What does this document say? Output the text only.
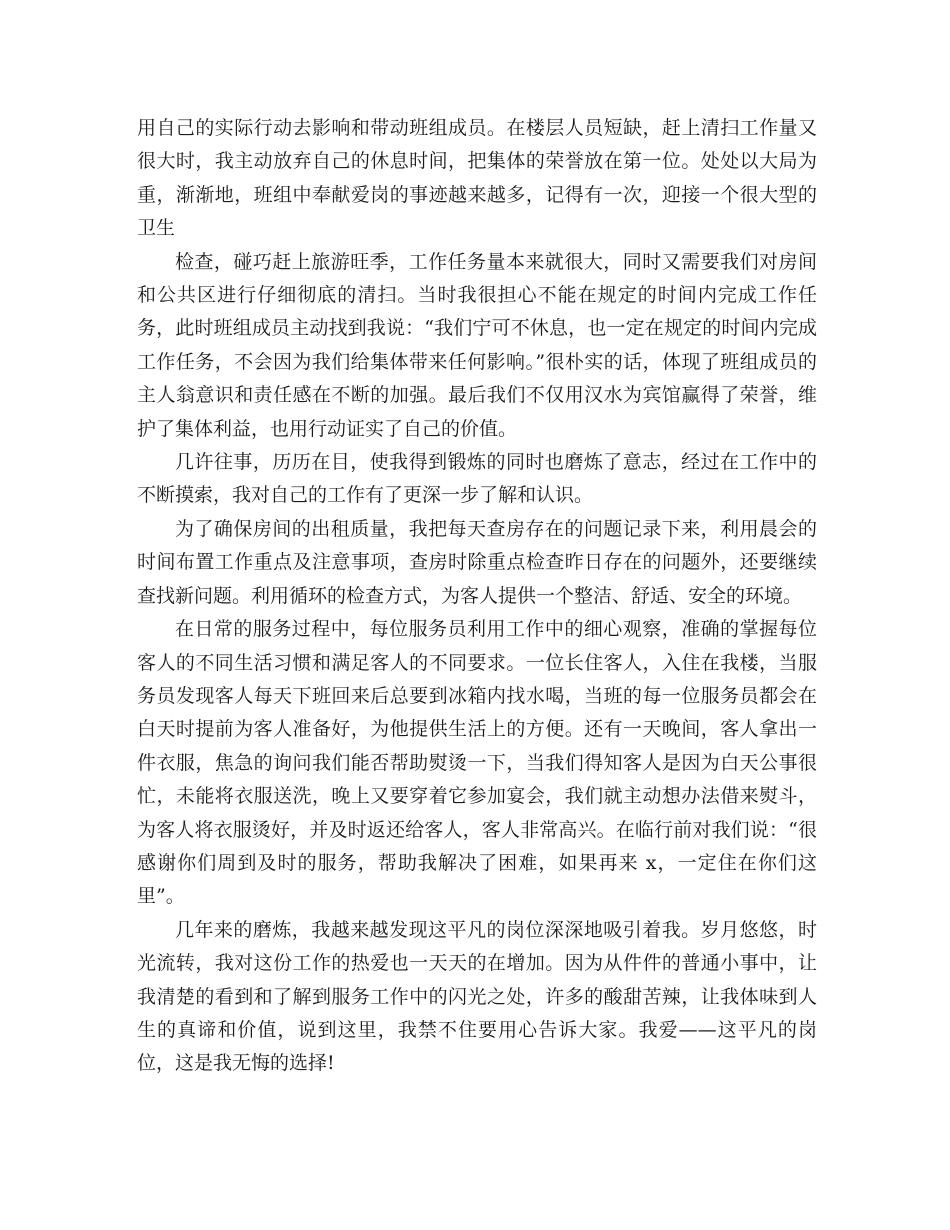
用自己的实际行动去影响和带动班组成员。在楼层人员短缺，赶上清扫工作量又很大时，我主动放弃自己的休息时间，把集体的荣誉放在第一位。处处以大局为重，渐渐地，班组中奉献爱岗的事迹越来越多，记得有一次，迎接一个很大型的卫生

检查，碰巧赶上旅游旺季，工作任务量本来就很大，同时又需要我们对房间和公共区进行仔细彻底的清扫。当时我很担心不能在规定的时间内完成工作任务，此时班组成员主动找到我说：“我们宁可不休息，也一定在规定的时间内完成工作任务，不会因为我们给集体带来任何影响。”很朴实的话，体现了班组成员的主人翁意识和责任感在不断的加强。最后我们不仅用汉水为宾馆赢得了荣誉，维护了集体利益，也用行动证实了自己的价值。

几许往事，历历在目，使我得到锻炼的同时也磨炼了意志，经过在工作中的不断摸索，我对自己的工作有了更深一步了解和认识。

为了确保房间的出租质量，我把每天查房存在的问题记录下来，利用晨会的时间布置工作重点及注意事项，查房时除重点检查昨日存在的问题外，还要继续查找新问题。利用循环的检查方式，为客人提供一个整洁、舒适、安全的环境。

在日常的服务过程中，每位服务员利用工作中的细心观察，准确的掌握每位客人的不同生活习惯和满足客人的不同要求。一位长住客人，入住在我楼，当服务员发现客人每天下班回来后总要到冰箱内找水喝，当班的每一位服务员都会在白天时提前为客人准备好，为他提供生活上的方便。还有一天晚间，客人拿出一件衣服，焦急的询问我们能否帮助熨烫一下，当我们得知客人是因为白天公事很忙，未能将衣服送洗，晚上又要穿着它参加宴会，我们就主动想办法借来熨斗，为客人将衣服烫好，并及时返还给客人，客人非常高兴。在临行前对我们说：“很感谢你们周到及时的服务，帮助我解决了困难，如果再来 x，一定住在你们这里”。

几年来的磨炼，我越来越发现这平凡的岗位深深地吸引着我。岁月悠悠，时光流转，我对这份工作的热爱也一天天的在增加。因为从件件的普通小事中，让我清楚的看到和了解到服务工作中的闪光之处，许多的酸甜苦辣，让我体味到人生的真谛和价值，说到这里，我禁不住要用心告诉大家。我爱——这平凡的岗位，这是我无悔的选择!
